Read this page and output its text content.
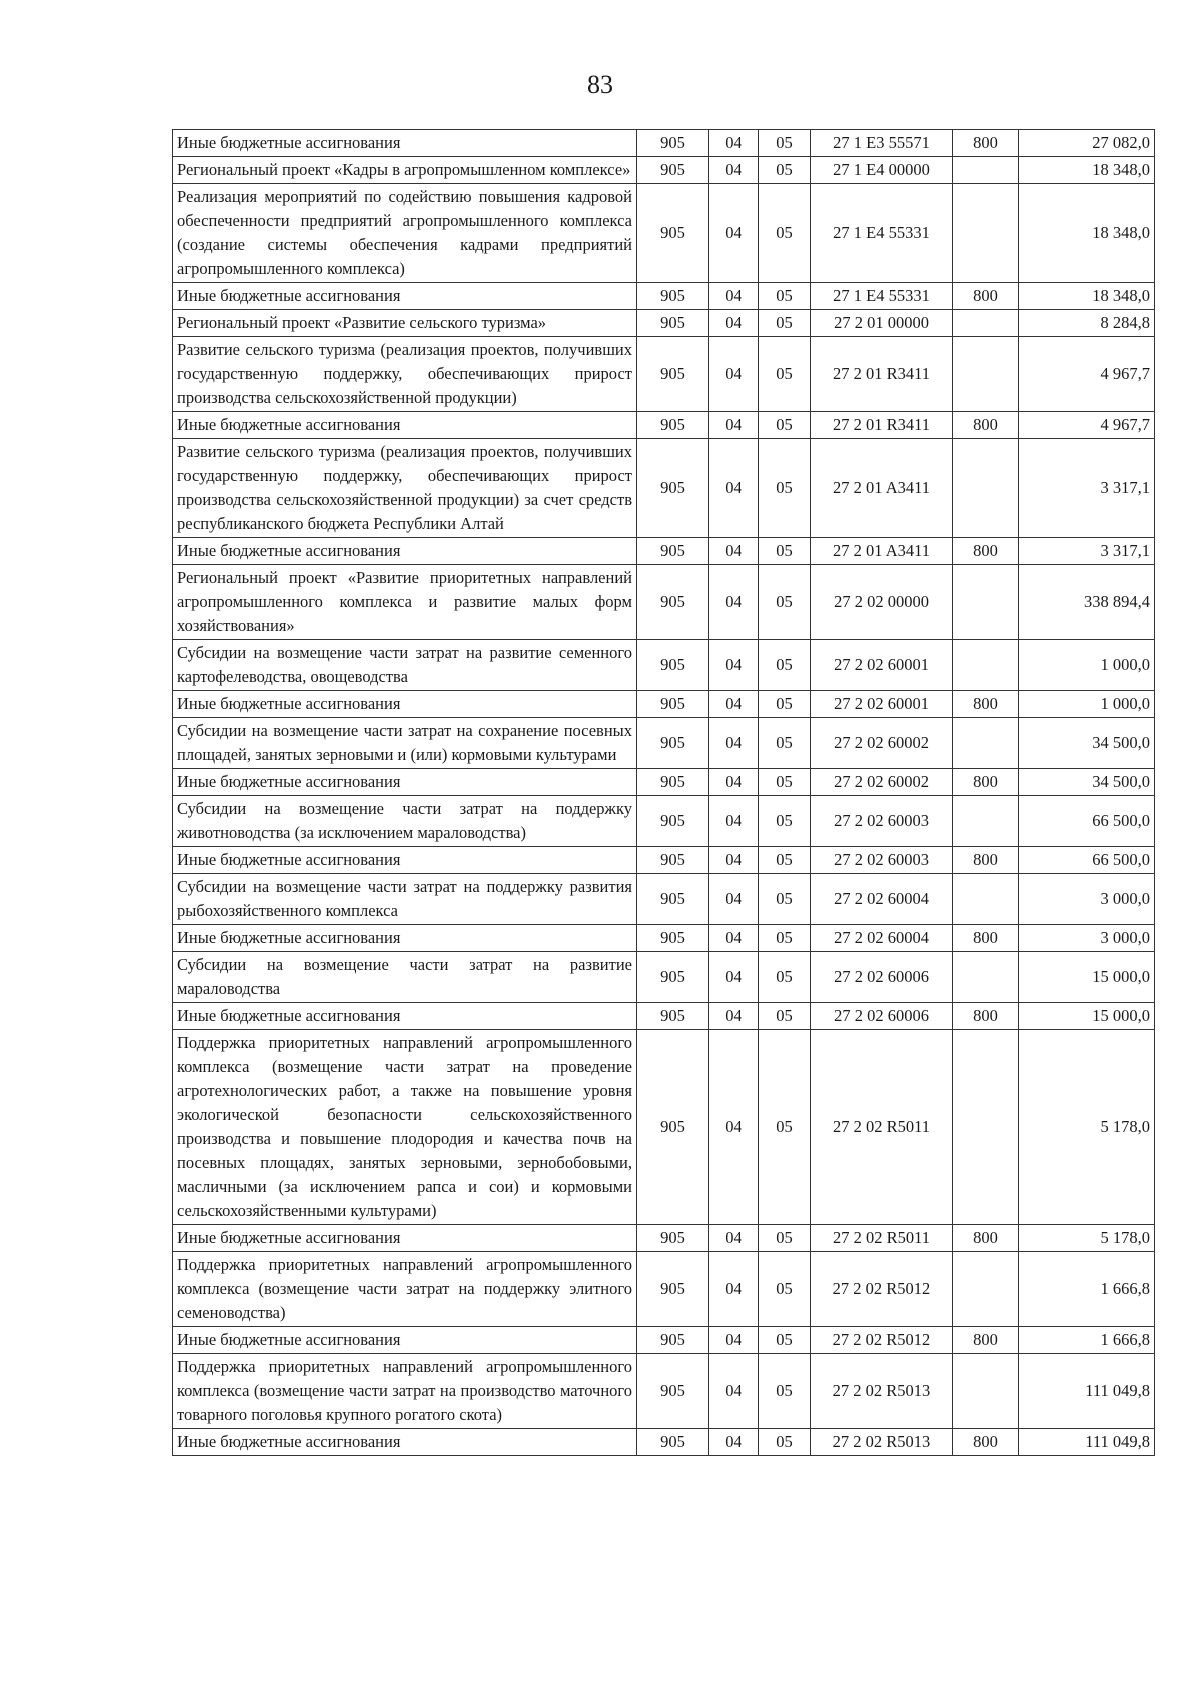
83
Иные бюджетные ассигнования	905	04	05	27 1 E3 55571	800	27 082,0
Региональный проект «Кадры в агропромышленном комплексе»	905	04	05	27 1 E4 00000		18 348,0
Реализация мероприятий по содействию повышения кадровой обеспеченности предприятий агропромышленного комплекса (создание системы обеспечения кадрами предприятий агропромышленного комплекса)	905	04	05	27 1 E4 55331		18 348,0
Иные бюджетные ассигнования	905	04	05	27 1 E4 55331	800	18 348,0
Региональный проект «Развитие сельского туризма»	905	04	05	27 2 01 00000		8 284,8
Развитие сельского туризма (реализация проектов, получивших государственную поддержку, обеспечивающих прирост производства сельскохозяйственной продукции)	905	04	05	27 2 01 R3411		4 967,7
Иные бюджетные ассигнования	905	04	05	27 2 01 R3411	800	4 967,7
Развитие сельского туризма (реализация проектов, получивших государственную поддержку, обеспечивающих прирост производства сельскохозяйственной продукции) за счет средств республиканского бюджета Республики Алтай	905	04	05	27 2 01 A3411		3 317,1
Иные бюджетные ассигнования	905	04	05	27 2 01 A3411	800	3 317,1
Региональный проект «Развитие приоритетных направлений агропромышленного комплекса и развитие малых форм хозяйствования»	905	04	05	27 2 02 00000		338 894,4
Субсидии на возмещение части затрат на развитие семенного картофелеводства, овощеводства	905	04	05	27 2 02 60001		1 000,0
Иные бюджетные ассигнования	905	04	05	27 2 02 60001	800	1 000,0
Субсидии на возмещение части затрат на сохранение посевных площадей, занятых зерновыми и (или) кормовыми культурами	905	04	05	27 2 02 60002		34 500,0
Иные бюджетные ассигнования	905	04	05	27 2 02 60002	800	34 500,0
Субсидии на возмещение части затрат на поддержку животноводства (за исключением мараловодства)	905	04	05	27 2 02 60003		66 500,0
Иные бюджетные ассигнования	905	04	05	27 2 02 60003	800	66 500,0
Субсидии на возмещение части затрат на поддержку развития рыбохозяйственного комплекса	905	04	05	27 2 02 60004		3 000,0
Иные бюджетные ассигнования	905	04	05	27 2 02 60004	800	3 000,0
Субсидии на возмещение части затрат на развитие мараловодства	905	04	05	27 2 02 60006		15 000,0
Иные бюджетные ассигнования	905	04	05	27 2 02 60006	800	15 000,0
Поддержка приоритетных направлений агропромышленного комплекса (возмещение части затрат на проведение агротехнологических работ, а также на повышение уровня экологической безопасности сельскохозяйственного производства и повышение плодородия и качества почв на посевных площадях, занятых зерновыми, зернобобовыми, масличными (за исключением рапса и сои) и кормовыми сельскохозяйственными культурами)	905	04	05	27 2 02 R5011		5 178,0
Иные бюджетные ассигнования	905	04	05	27 2 02 R5011	800	5 178,0
Поддержка приоритетных направлений агропромышленного комплекса (возмещение части затрат на поддержку элитного семеноводства)	905	04	05	27 2 02 R5012		1 666,8
Иные бюджетные ассигнования	905	04	05	27 2 02 R5012	800	1 666,8
Поддержка приоритетных направлений агропромышленного комплекса (возмещение части затрат на производство маточного товарного поголовья крупного рогатого скота)	905	04	05	27 2 02 R5013		111 049,8
Иные бюджетные ассигнования	905	04	05	27 2 02 R5013	800	111 049,8
